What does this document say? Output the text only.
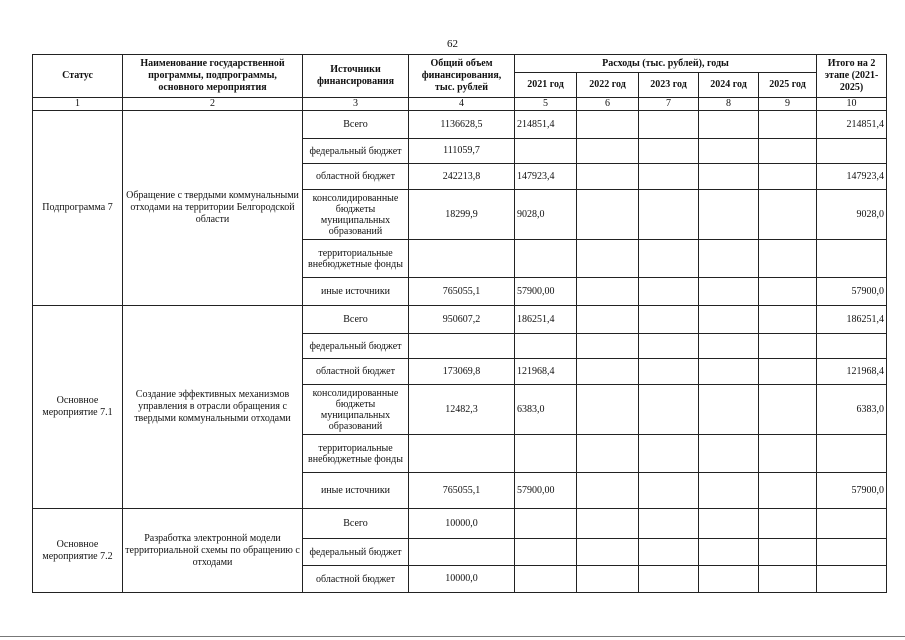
62
Статус	Наименование государственной программы, подпрограммы, основного мероприятия	Источники финансирования	Общий объем финансирования, тыс. рублей	Расходы (тыс. рублей), годы					Итого на 2 этапе (2021-2025)
				2021 год	2022 год	2023 год	2024 год	2025 год	
1	2	3	4	5	6	7	8	9	10
Подпрограмма 7	Обращение с твердыми коммунальными отходами на территории Белгородской области	Всего	1136628,5	214851,4					214851,4
		федеральный бюджет	111059,7						
		областной бюджет	242213,8	147923,4					147923,4
		консолидированные бюджеты муниципальных образований	18299,9	9028,0					9028,0
		территориальные внебюджетные фонды							
		иные источники	765055,1	57900,00					57900,0
Основное мероприятие 7.1	Создание эффективных механизмов управления в отрасли обращения с твердыми коммунальными отходами	Всего	950607,2	186251,4					186251,4
		федеральный бюджет							
		областной бюджет	173069,8	121968,4					121968,4
		консолидированные бюджеты муниципальных образований	12482,3	6383,0					6383,0
		территориальные внебюджетные фонды							
		иные источники	765055,1	57900,00					57900,0
Основное мероприятие 7.2	Разработка электронной модели территориальной схемы по обращению с отходами	Всего	10000,0						
		федеральный бюджет							
		областной бюджет	10000,0						
